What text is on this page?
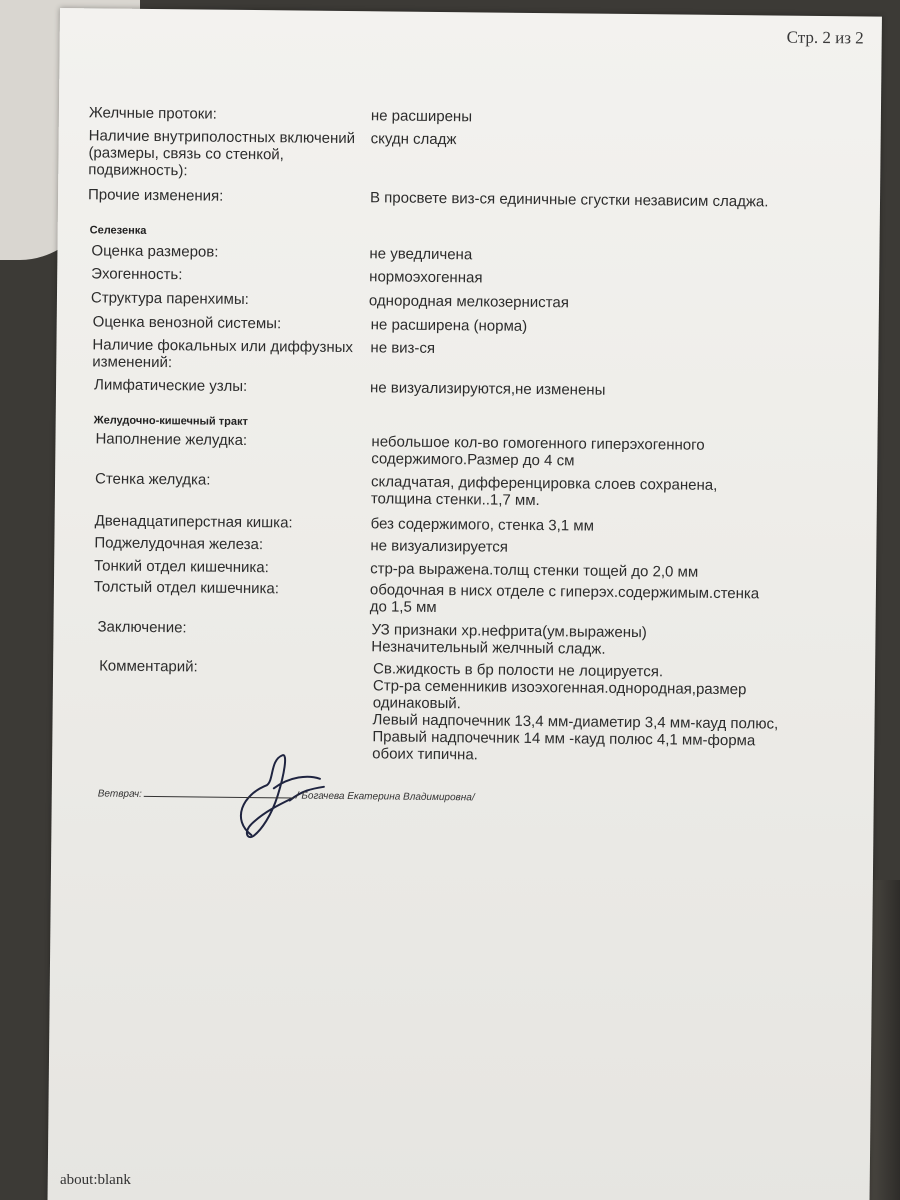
Стр. 2 из 2
Желчные протоки:	не расширены
Наличие внутриполостных включений
(размеры, связь со стенкой,
подвижность):
скудн сладж
Прочие изменения:	В просвете виз-ся единичные сгустки независим сладжа.
Селезенка
Оценка размеров:	не уведличена
Эхогенность:	нормоэхогенная
Структура паренхимы:	однородная мелкозернистая
Оценка венозной системы:	не расширена (норма)
Наличие фокальных или диффузных
изменений:
не виз-ся
Лимфатические узлы:	не визуализируются,не изменены
Желудочно-кишечный тракт
Наполнение желудка:	небольшое кол-во гомогенного гиперэхогенного
содержимого.Размер до 4 см
Стенка желудка:	складчатая, дифференцировка слоев сохранена,
толщина стенки..1,7 мм.
Двенадцатиперстная кишка:	без содержимого, стенка 3,1 мм
Поджелудочная железа:	не визуализируется
Тонкий отдел кишечника:	стр-ра выражена.толщ стенки тощей до 2,0 мм
Толстый отдел кишечника:	ободочная в нисх отделе с гиперэх.содержимым.стенка
до 1,5 мм
Заключение:	УЗ признаки хр.нефрита(ум.выражены)
Незначительный желчный сладж.
Комментарий:	Св.жидкость в бр полости не лоцируется.
Стр-ра семенникив изоэхогенная.однородная,размер
одинаковый.
Левый надпочечник 13,4 мм-диаметир 3,4 мм-кауд полюс,
Правый надпочечник 14 мм -кауд полюс 4,1 мм-форма
обоих типична.
Ветврач:	/ Богачева Екатерина Владимировна/
about:blank
